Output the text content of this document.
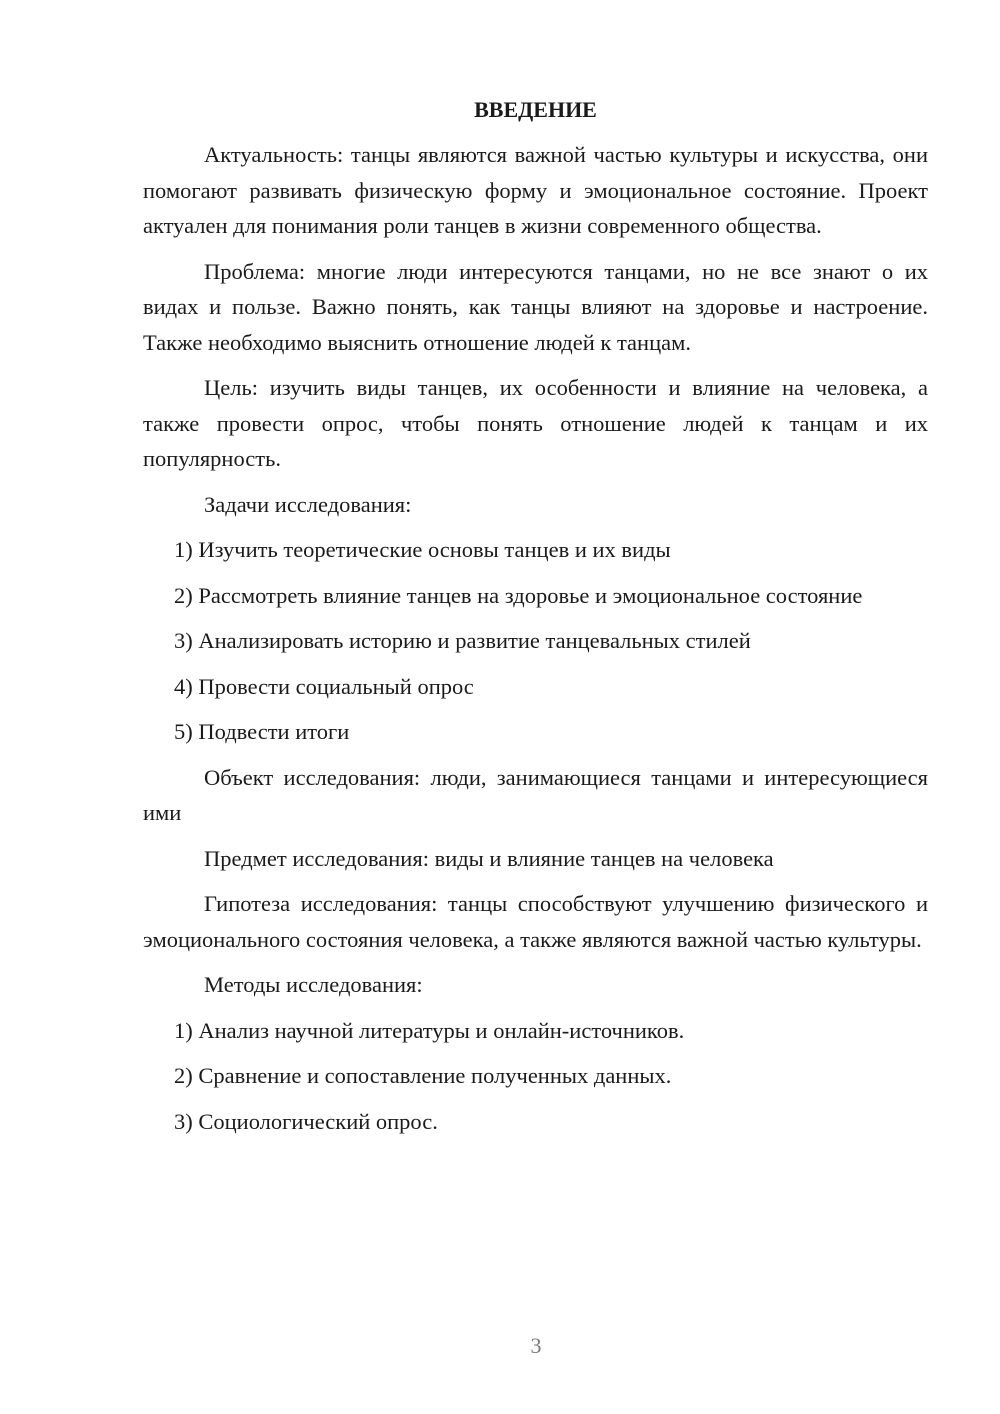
ВВЕДЕНИЕ

Актуальность: танцы являются важной частью культуры и искусства, они помогают развивать физическую форму и эмоциональное состояние. Проект актуален для понимания роли танцев в жизни современного общества.

Проблема: многие люди интересуются танцами, но не все знают о их видах и пользе. Важно понять, как танцы влияют на здоровье и настроение. Также необходимо выяснить отношение людей к танцам.

Цель: изучить виды танцев, их особенности и влияние на человека, а также провести опрос, чтобы понять отношение людей к танцам и их популярность.

Задачи исследования:

1) Изучить теоретические основы танцев и их виды

2) Рассмотреть влияние танцев на здоровье и эмоциональное состояние

3) Анализировать историю и развитие танцевальных стилей

4) Провести социальный опрос

5) Подвести итоги

Объект исследования: люди, занимающиеся танцами и интересующиеся ими

Предмет исследования: виды и влияние танцев на человека

Гипотеза исследования: танцы способствуют улучшению физического и эмоционального состояния человека, а также являются важной частью культуры.

Методы исследования:

1) Анализ научной литературы и онлайн-источников.

2) Сравнение и сопоставление полученных данных.

3) Социологический опрос.

3
